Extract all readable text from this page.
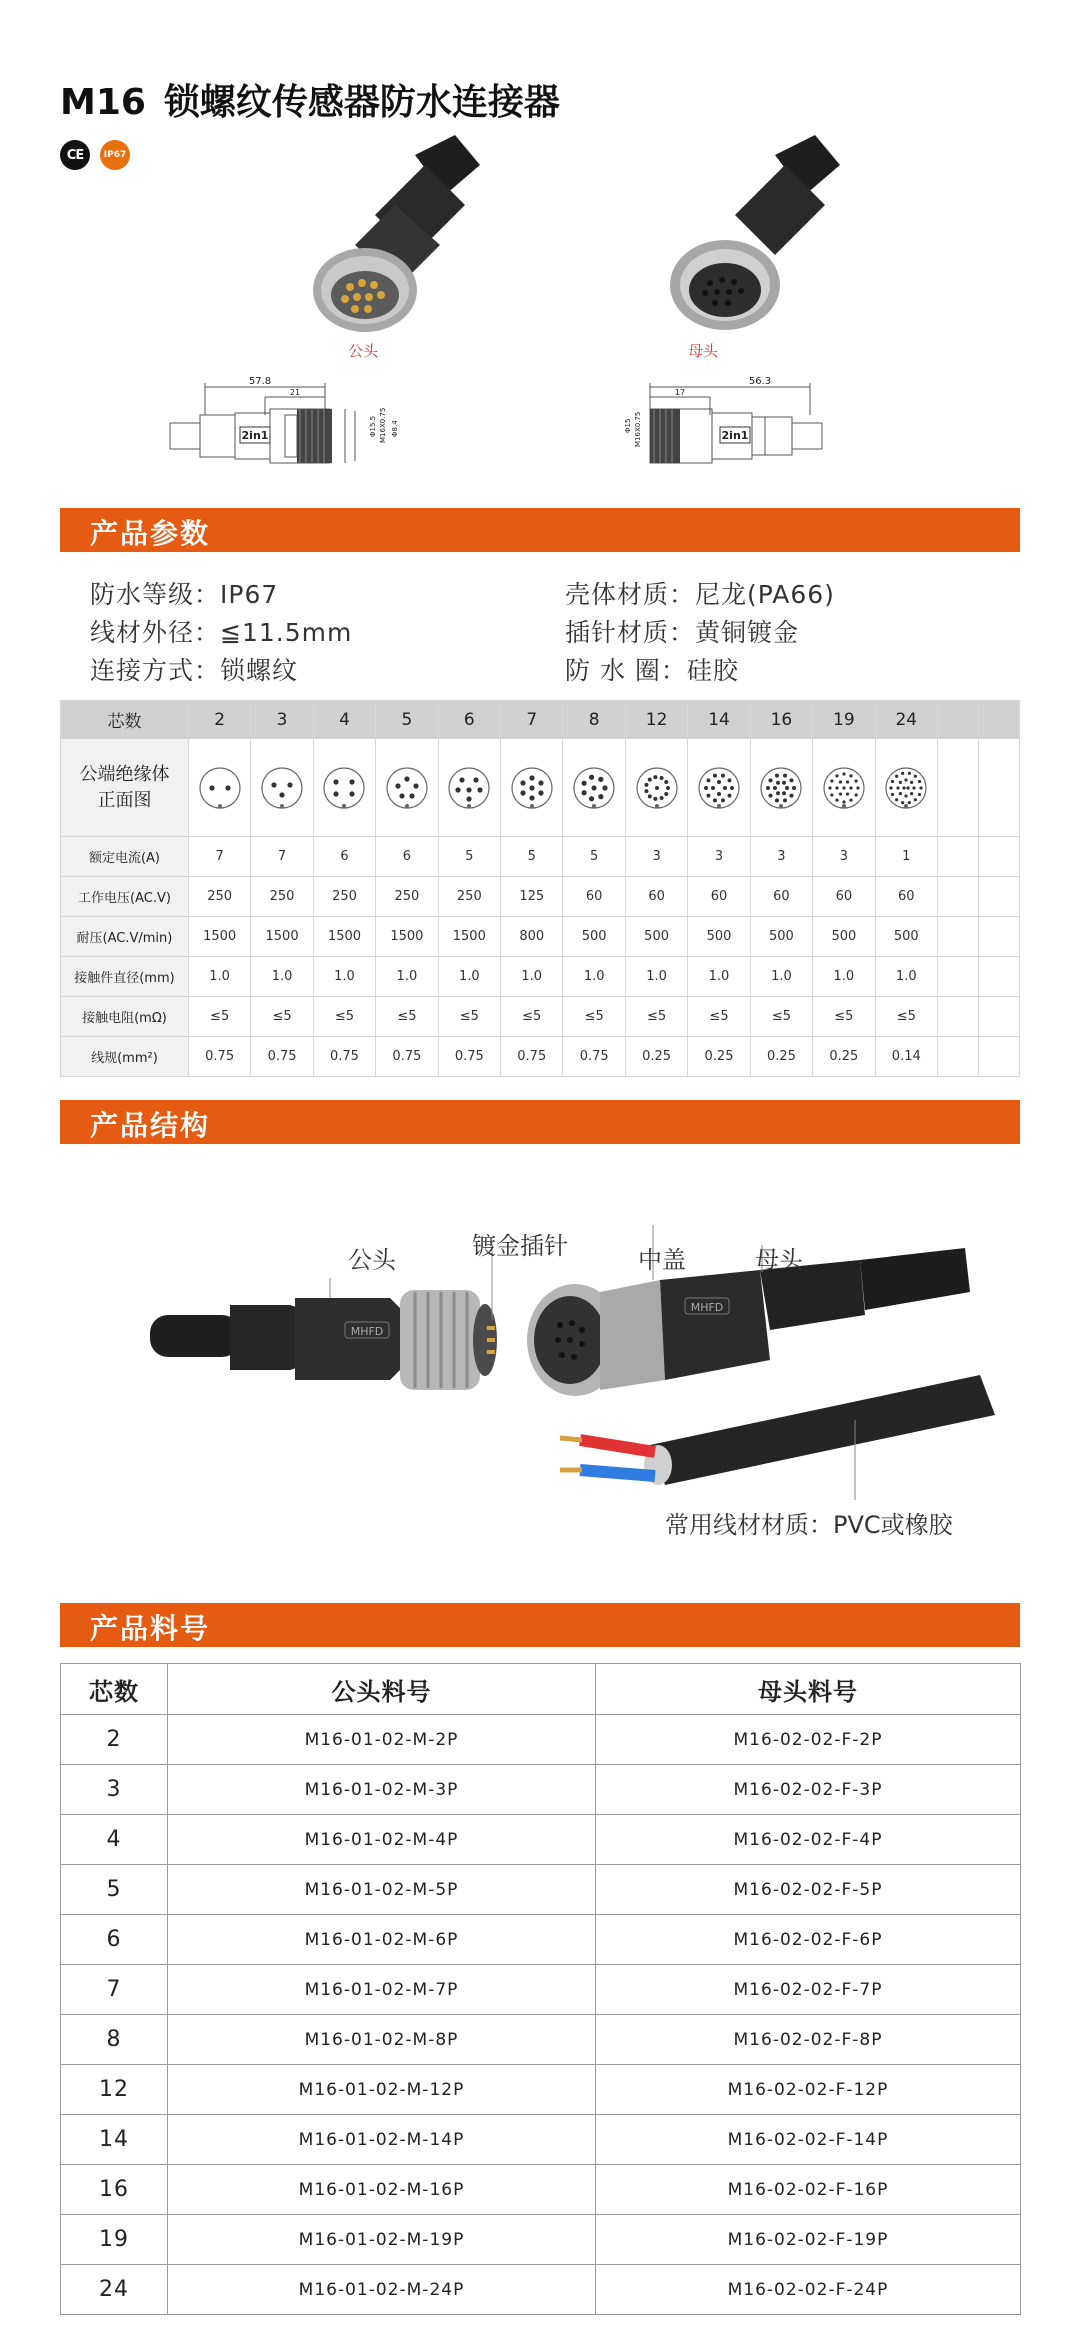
M16 锁螺纹传感器防水连接器
CE	IP67
公头	母头
2in1
57.8
21
Φ15.5 M16X0.75 Φ8.4	2in1
56.3
17
Φ15 M16X0.75
产品参数
防水等级：IP67	壳体材质：尼龙(PA66)
线材外径：≦11.5mm	插针材质：黄铜镀金
连接方式：锁螺纹	防 水 圈：硅胶
芯数	2	3	4	5	6	7	8	12	14	16	19	24		
公端绝缘体
正面图	

额定电流(A)	7	7	6	6	5	5	5	3	3	3	3	1		
工作电压(AC.V)	250	250	250	250	250	125	60	60	60	60	60	60		
耐压(AC.V/min)	1500	1500	1500	1500	1500	800	500	500	500	500	500	500		
接触件直径(mm)	1.0	1.0	1.0	1.0	1.0	1.0	1.0	1.0	1.0	1.0	1.0	1.0		
接触电阻(mΩ)	≤5	≤5	≤5	≤5	≤5	≤5	≤5	≤5	≤5	≤5	≤5	≤5		
线规(mm²)	0.75	0.75	0.75	0.75	0.75	0.75	0.75	0.25	0.25	0.25	0.25	0.14		
产品结构
MHFD
MHFD
公头	镀金插针	中盖	母头
常用线材材质：PVC或橡胶
产品料号
芯数	公头料号	母头料号
2	M16-01-02-M-2P	M16-02-02-F-2P
3	M16-01-02-M-3P	M16-02-02-F-3P
4	M16-01-02-M-4P	M16-02-02-F-4P
5	M16-01-02-M-5P	M16-02-02-F-5P
6	M16-01-02-M-6P	M16-02-02-F-6P
7	M16-01-02-M-7P	M16-02-02-F-7P
8	M16-01-02-M-8P	M16-02-02-F-8P
12	M16-01-02-M-12P	M16-02-02-F-12P
14	M16-01-02-M-14P	M16-02-02-F-14P
16	M16-01-02-M-16P	M16-02-02-F-16P
19	M16-01-02-M-19P	M16-02-02-F-19P
24	M16-01-02-M-24P	M16-02-02-F-24P
